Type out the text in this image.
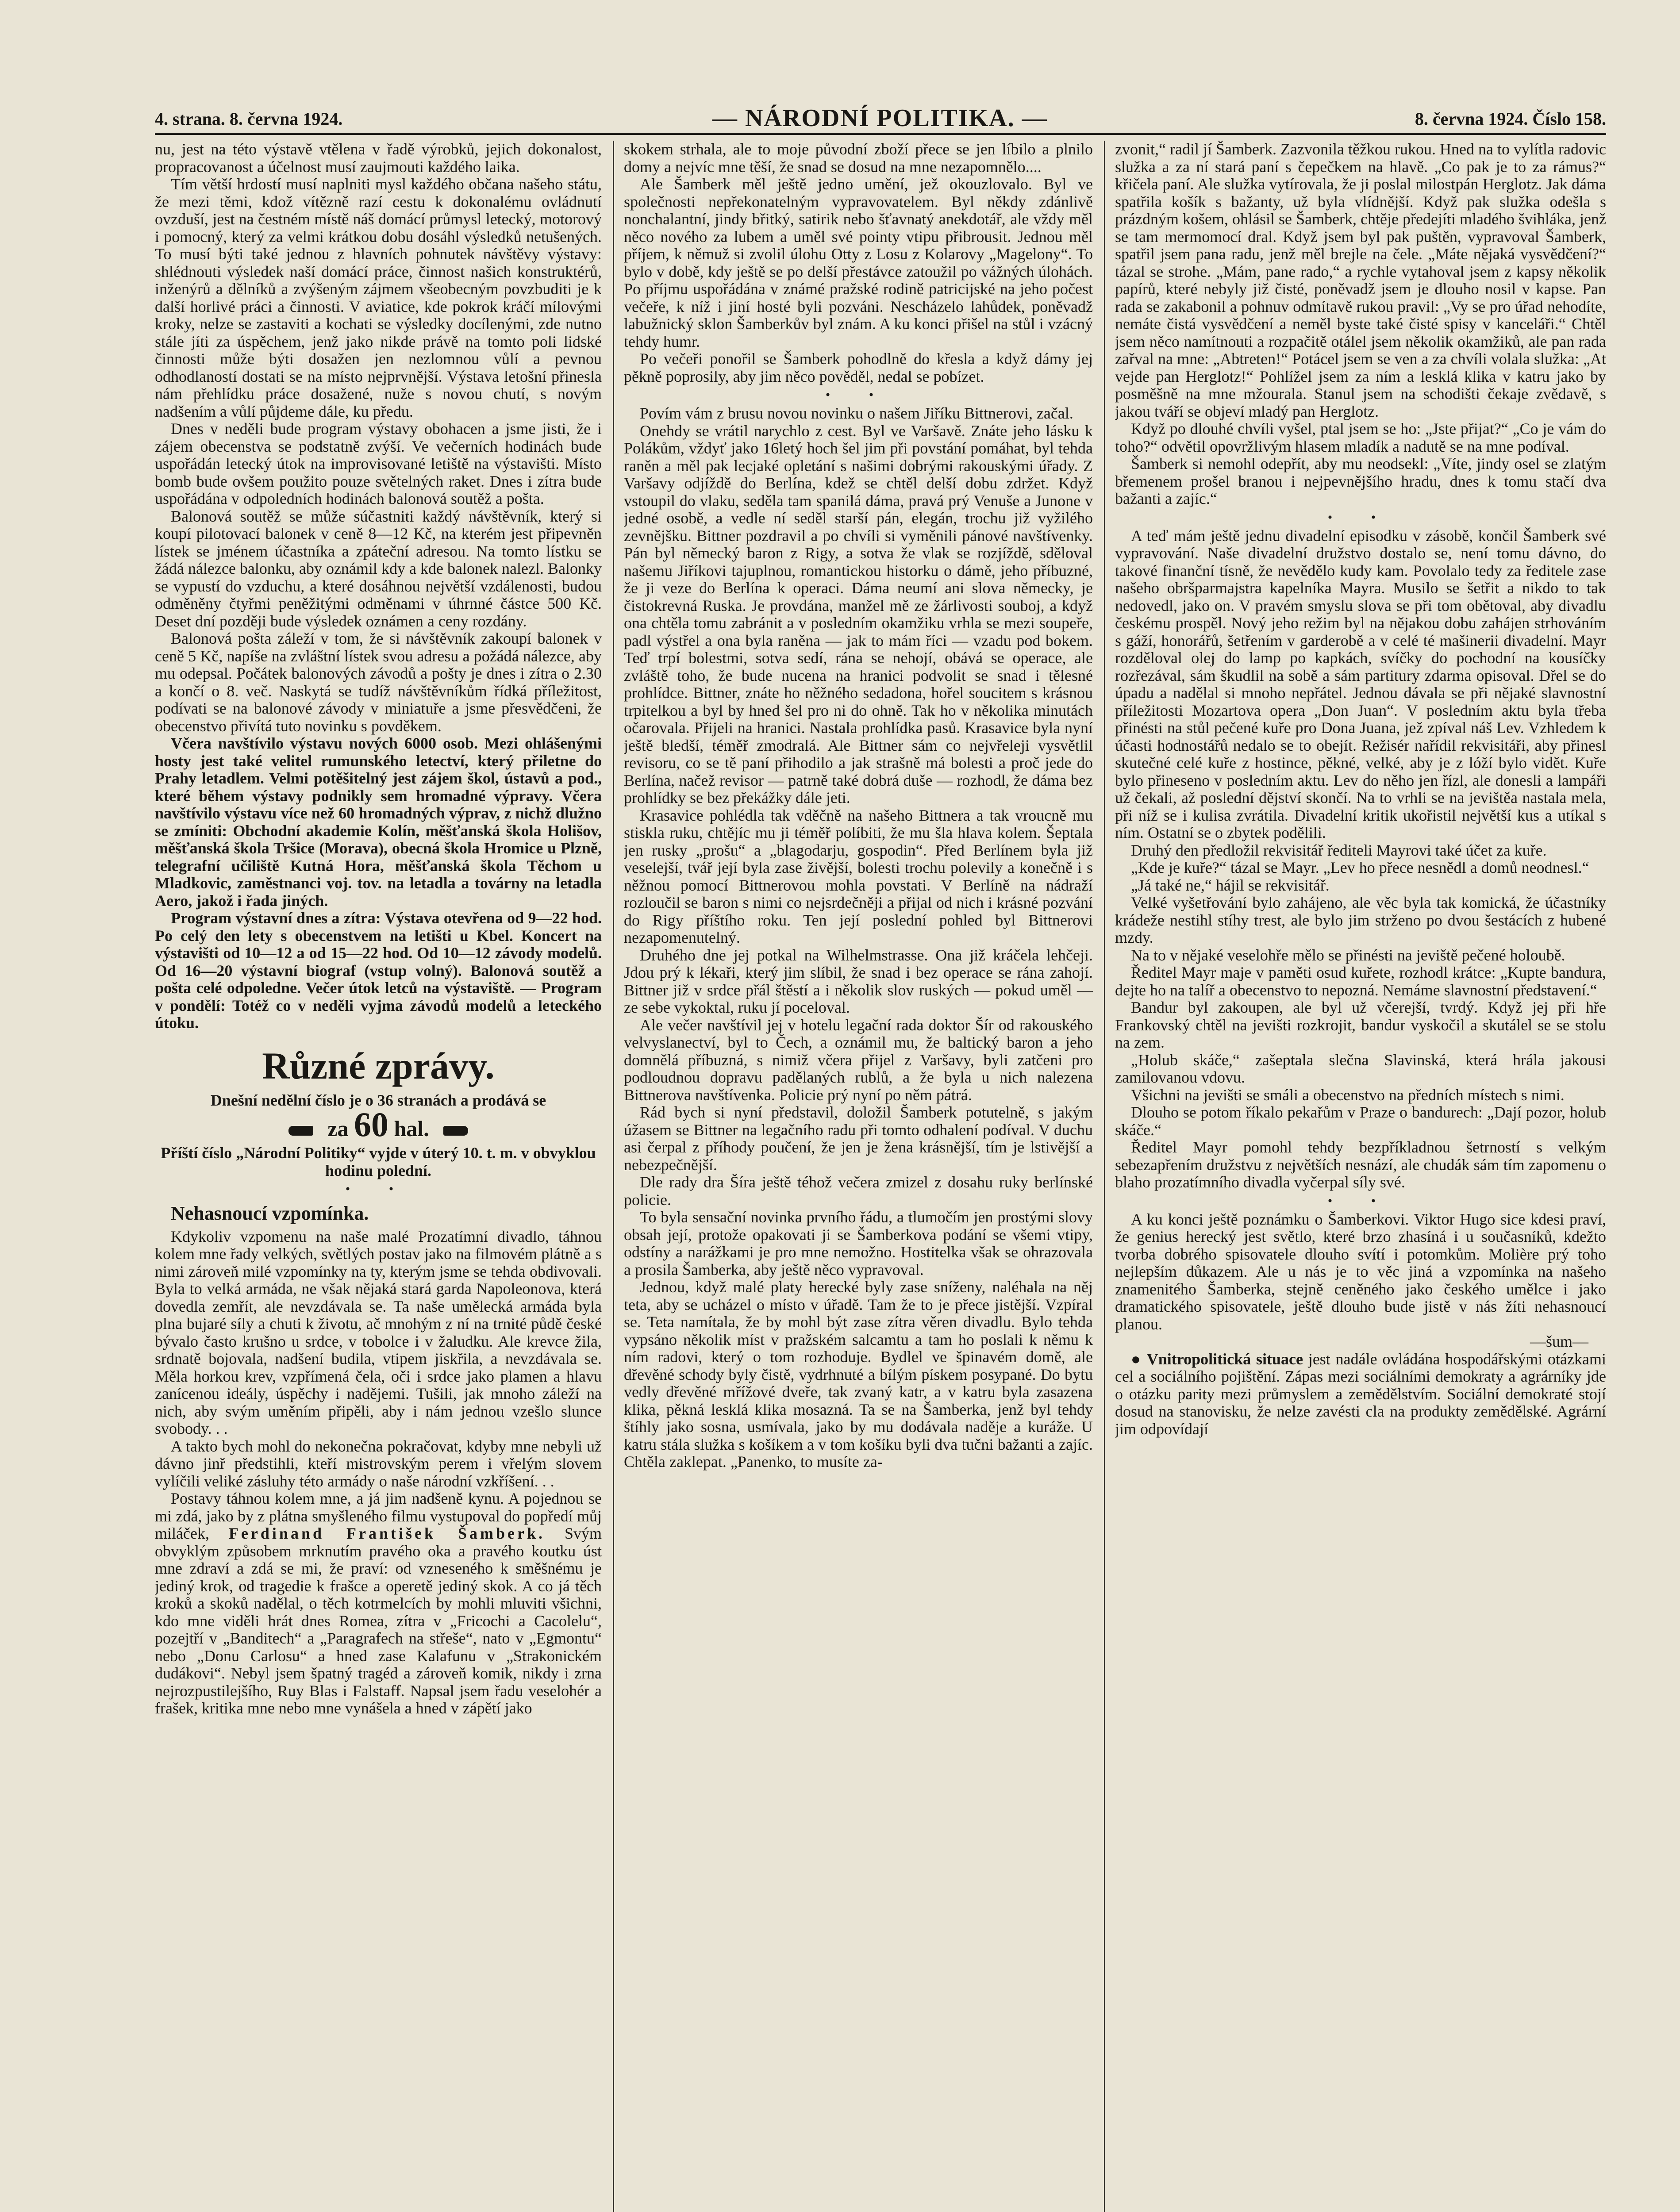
4. strana. 8. června 1924.	— NÁRODNÍ POLITIKA. —	8. června 1924. Číslo 158.

nu, jest na této výstavě vtělena v řadě výrobků, jejich dokonalost, propracovanost a účelnost musí zaujmouti každého laika.

Tím větší hrdostí musí naplniti mysl každého občana našeho státu, že mezi těmi, kdož vítězně razí cestu k dokonalému ovládnutí ovzduší, jest na čestném místě náš domácí průmysl letecký, motorový i pomocný, který za velmi krátkou dobu dosáhl výsledků netušených. To musí býti také jednou z hlavních pohnutek návštěvy výstavy: shlédnouti výsledek naší domácí práce, činnost našich konstruktérů, inženýrů a dělníků a zvýšeným zájmem všeobecným povzbuditi je k další horlivé práci a činnosti. V aviatice, kde pokrok kráčí mílovými kroky, nelze se zastaviti a kochati se výsledky docílenými, zde nutno stále jíti za úspěchem, jenž jako nikde právě na tomto poli lidské činnosti může býti dosažen jen nezlomnou vůlí a pevnou odhodlaností dostati se na místo nejprvnější. Výstava letošní přinesla nám přehlídku práce dosažené, nuže s novou chutí, s novým nadšením a vůlí půjdeme dále, ku předu.

Dnes v neděli bude program výstavy obohacen a jsme jisti, že i zájem obecenstva se podstatně zvýší. Ve večerních hodinách bude uspořádán letecký útok na improvisované letiště na výstavišti. Místo bomb bude ovšem použito pouze světelných raket. Dnes i zítra bude uspořádána v odpoledních hodinách balonová soutěž a pošta.

Balonová soutěž se může súčastniti každý návštěvník, který si koupí pilotovací balonek v ceně 8—12 Kč, na kterém jest připevněn lístek se jménem účastníka a zpáteční adresou. Na tomto lístku se žádá nálezce balonku, aby oznámil kdy a kde balonek nalezl. Balonky se vypustí do vzduchu, a které dosáhnou největší vzdálenosti, budou odměněny čtyřmi peněžitými odměnami v úhrnné částce 500 Kč. Deset dní později bude výsledek oznámen a ceny rozdány.

Balonová pošta záleží v tom, že si návštěvník zakoupí balonek v ceně 5 Kč, napíše na zvláštní lístek svou adresu a požádá nálezce, aby mu odepsal. Počátek balonových závodů a pošty je dnes i zítra o 2.30 a končí o 8. več. Naskytá se tudíž návštěvníkům řídká příležitost, podívati se na balonové závody v miniatuře a jsme přesvědčeni, že obecenstvo přivítá tuto novinku s povděkem.

Včera navštívilo výstavu nových 6000 osob. Mezi ohlášenými hosty jest také velitel rumunského letectví, který přiletne do Prahy letadlem. Velmi potěšitelný jest zájem škol, ústavů a pod., které během výstavy podnikly sem hromadné výpravy. Včera navštívilo výstavu více než 60 hromadných výprav, z nichž dlužno se zmíniti: Obchodní akademie Kolín, měšťanská škola Holišov, měšťanská škola Tršice (Morava), obecná škola Hromice u Plzně, telegrafní učiliště Kutná Hora, měšťanská škola Těchom u Mladkovic, zaměstnanci voj. tov. na letadla a továrny na letadla Aero, jakož i řada jiných.

Program výstavní dnes a zítra: Výstava otevřena od 9—22 hod. Po celý den lety s obecenstvem na letišti u Kbel. Koncert na výstavišti od 10—12 a od 15—22 hod. Od 10—12 závody modelů. Od 16—20 výstavní biograf (vstup volný). Balonová soutěž a pošta celé odpoledne. Večer útok letců na výstaviště. — Program v pondělí: Totéž co v neděli vyjma závodů modelů a leteckého útoku.

Různé zprávy.
Dnešní nedělní číslo je o 36 stranách a prodává se
za 60 hal.
Příští číslo „Národní Politiky“ vyjde v úterý 10. t. m. v obvyklou hodinu polední.
• •
Nehasnoucí vzpomínka.

Kdykoliv vzpomenu na naše malé Prozatímní divadlo, táhnou kolem mne řady velkých, světlých postav jako na filmovém plátně a s nimi zároveň milé vzpomínky na ty, kterým jsme se tehda obdivovali. Byla to velká armáda, ne však nějaká stará garda Napoleonova, která dovedla zemřít, ale nevzdávala se. Ta naše umělecká armáda byla plna bujaré síly a chuti k životu, ač mnohým z ní na trnité půdě české bývalo často krušno u srdce, v tobolce i v žaludku. Ale krevce žila, srdnatě bojovala, nadšení budila, vtipem jiskřila, a nevzdávala se. Měla horkou krev, vzpřímená čela, oči i srdce jako plamen a hlavu zanícenou ideály, úspěchy i nadějemi. Tušili, jak mnoho záleží na nich, aby svým uměním připěli, aby i nám jednou vzešlo slunce svobody. . .

A takto bych mohl do nekonečna pokračovat, kdyby mne nebyli už dávno jinř předstihli, kteří mistrovským perem i vřelým slovem vylíčili veliké zásluhy této armády o naše národní vzkříšení. . .

Postavy táhnou kolem mne, a já jim nadšeně kynu. A pojednou se mi zdá, jako by z plátna smyšleného filmu vystupoval do popředí můj miláček, Ferdinand František Šamberk. Svým obvyklým způsobem mrknutím pravého oka a pravého koutku úst mne zdraví a zdá se mi, že praví: od vzneseného k směšnému je jediný krok, od tragedie k frašce a operetě jediný skok. A co já těch kroků a skoků nadělal, o těch kotrmelcích by mohli mluviti všichni, kdo mne viděli hrát dnes Romea, zítra v „Fricochi a Cacolelu“, pozejtří v „Banditech“ a „Paragrafech na střeše“, nato v „Egmontu“ nebo „Donu Carlosu“ a hned zase Kalafunu v „Strakonickém dudákovi“. Nebyl jsem špatný tragéd a zároveň komik, nikdy i zrna nejrozpustilejšího, Ruy Blas i Falstaff. Napsal jsem řadu veselohér a frašek, kritika mne nebo mne vynášela a hned v zápětí jako

skokem strhala, ale to moje původní zboží přece se jen líbilo a plnilo domy a nejvíc mne těší, že snad se dosud na mne nezapomnělo....

Ale Šamberk měl ještě jedno umění, jež okouzlovalo. Byl ve společnosti nepřekonatelným vypravovatelem. Byl někdy zdánlivě nonchalantní, jindy břitký, satirik nebo šťavnatý anekdotář, ale vždy měl něco nového za lubem a uměl své pointy vtipu přibrousit. Jednou měl příjem, k němuž si zvolil úlohu Otty z Losu z Kolarovy „Magelony“. To bylo v době, kdy ještě se po delší přestávce zatoužil po vážných úlohách. Po příjmu uspořádána v známé pražské rodině patricijské na jeho počest večeře, k níž i jiní hosté byli pozváni. Nescházelo lahůdek, poněvadž labužnický sklon Šamberkův byl znám. A ku konci přišel na stůl i vzácný tehdy humr.

Po večeři ponořil se Šamberk pohodlně do křesla a když dámy jej pěkně poprosily, aby jim něco pověděl, nedal se pobízet.

• •

Povím vám z brusu novou novinku o našem Jiříku Bittnerovi, začal.

Onehdy se vrátil narychlo z cest. Byl ve Varšavě. Znáte jeho lásku k Polákům, vždyť jako 16letý hoch šel jim při povstání pomáhat, byl tehda raněn a měl pak lecjaké opletání s našimi dobrými rakouskými úřady. Z Varšavy odjíždě do Berlína, kdež se chtěl delší dobu zdržet. Když vstoupil do vlaku, seděla tam spanilá dáma, pravá prý Venuše a Junone v jedné osobě, a vedle ní seděl starší pán, elegán, trochu již vyžilého zevnějšku. Bittner pozdravil a po chvíli si vyměnili pánové navštívenky. Pán byl německý baron z Rigy, a sotva že vlak se rozjíždě, sděloval našemu Jiříkovi tajuplnou, romantickou historku o dámě, jeho příbuzné, že ji veze do Berlína k operaci. Dáma neumí ani slova německy, je čistokrevná Ruska. Je provdána, manžel mě ze žárlivosti souboj, a když ona chtěla tomu zabránit a v posledním okamžiku vrhla se mezi soupeře, padl výstřel a ona byla raněna — jak to mám říci — vzadu pod bokem. Teď trpí bolestmi, sotva sedí, rána se nehojí, obává se operace, ale zvláště toho, že bude nucena na hranici podvolit se snad i tělesné prohlídce. Bittner, znáte ho něžného sedadona, hořel soucitem s krásnou trpitelkou a byl by hned šel pro ni do ohně. Tak ho v několika minutách očarovala. Přijeli na hranici. Nastala prohlídka pasů. Krasavice byla nyní ještě bledší, téměř zmodralá. Ale Bittner sám co nejvřeleji vysvětlil revisoru, co se tě paní přihodilo a jak strašně má bolesti a proč jede do Berlína, načež revisor — patrně také dobrá duše — rozhodl, že dáma bez prohlídky se bez překážky dále jeti.

Krasavice pohlédla tak vděčně na našeho Bittnera a tak vroucně mu stiskla ruku, chtějíc mu ji téměř políbiti, že mu šla hlava kolem. Šeptala jen rusky „prošu“ a „blagodarju, gospodin“. Před Berlínem byla již veselejší, tvář její byla zase živější, bolesti trochu polevily a konečně i s něžnou pomocí Bittnerovou mohla povstati. V Berlíně na nádraží rozloučil se baron s nimi co nejsrdečněji a přijal od nich i krásné pozvání do Rigy příštího roku. Ten její poslední pohled byl Bittnerovi nezapomenutelný.

Druhého dne jej potkal na Wilhelmstrasse. Ona již kráčela lehčeji. Jdou prý k lékaři, který jim slíbil, že snad i bez operace se rána zahojí. Bittner již v srdce přál štěstí a i několik slov ruských — pokud uměl — ze sebe vykoktal, ruku jí poceloval.

Ale večer navštívil jej v hotelu legační rada doktor Šír od rakouského velvyslanectví, byl to Čech, a oznámil mu, že baltický baron a jeho domnělá příbuzná, s nimiž včera přijel z Varšavy, byli zatčeni pro podloudnou dopravu padělaných rublů, a že byla u nich nalezena Bittnerova navštívenka. Policie prý nyní po něm pátrá.

Rád bych si nyní představil, doložil Šamberk potutelně, s jakým úžasem se Bittner na legačního radu při tomto odhalení podíval. V duchu asi čerpal z příhody poučení, že jen je žena krásnější, tím je lstivější a nebezpečnější.

Dle rady dra Šíra ještě téhož večera zmizel z dosahu ruky berlínské policie.

To byla sensační novinka prvního řádu, a tlumočím jen prostými slovy obsah její, protože opakovati ji se Šamberkova podání se všemi vtipy, odstíny a narážkami je pro mne nemožno. Hostitelka však se ohrazovala a prosila Šamberka, aby ještě něco vypravoval.

Jednou, když malé platy herecké byly zase sníženy, naléhala na něj teta, aby se ucházel o místo v úřadě. Tam že to je přece jistější. Vzpíral se. Teta namítala, že by mohl být zase zítra věren divadlu. Bylo tehda vypsáno několik míst v pražském salcamtu a tam ho poslali k němu k ním radovi, který o tom rozhoduje. Bydlel ve špinavém domě, ale dřevěné schody byly čistě, vydrhnuté a bílým pískem posypané. Do bytu vedly dřevěné mřížové dveře, tak zvaný katr, a v katru byla zasazena klika, pěkná lesklá klika mosazná. Ta se na Šamberka, jenž byl tehdy štíhly jako sosna, usmívala, jako by mu dodávala naděje a kuráže. U katru stála služka s košíkem a v tom košíku byli dva tučni bažanti a zajíc. Chtěla zaklepat. „Panenko, to musíte za-

zvonit,“ radil jí Šamberk. Zazvonila těžkou rukou. Hned na to vylítla radovic služka a za ní stará paní s čepečkem na hlavě. „Co pak je to za rámus?“ křičela paní. Ale služka vytírovala, že ji poslal milostpán Herglotz. Jak dáma spatřila košík s bažanty, už byla vlídnější. Když pak služka odešla s prázdným košem, ohlásil se Šamberk, chtěje předejíti mladého švihláka, jenž se tam mermomocí dral. Když jsem byl pak puštěn, vypravoval Šamberk, spatřil jsem pana radu, jenž měl brejle na čele. „Máte nějaká vysvědčení?“ tázal se strohe. „Mám, pane rado,“ a rychle vytahoval jsem z kapsy několik papírů, které nebyly již čisté, poněvadž jsem je dlouho nosil v kapse. Pan rada se zakabonil a pohnuv odmítavě rukou pravil: „Vy se pro úřad nehodíte, nemáte čistá vysvědčení a neměl byste také čisté spisy v kanceláři.“ Chtěl jsem něco namítnouti a rozpačitě otálel jsem několik okamžiků, ale pan rada zařval na mne: „Abtreten!“ Potácel jsem se ven a za chvíli volala služka: „At vejde pan Herglotz!“ Pohlížel jsem za ním a lesklá klika v katru jako by posměšně na mne mžourala. Stanul jsem na schodišti čekaje zvědavě, s jakou tváří se objeví mladý pan Herglotz.

Když po dlouhé chvíli vyšel, ptal jsem se ho: „Jste přijat?“ „Co je vám do toho?“ odvětil opovržlivým hlasem mladík a nadutě se na mne podíval.

Šamberk si nemohl odepřít, aby mu neodsekl: „Víte, jindy osel se zlatým břemenem prošel branou i nejpevnějšího hradu, dnes k tomu stačí dva bažanti a zajíc.“

• •

A teď mám ještě jednu divadelní episodku v zásobě, končil Šamberk své vypravování. Naše divadelní družstvo dostalo se, není tomu dávno, do takové finanční tísně, že nevědělo kudy kam. Povolalo tedy za ředitele zase našeho obršparmajstra kapelníka Mayra. Musilo se šetřit a nikdo to tak nedovedl, jako on. V pravém smyslu slova se při tom obětoval, aby divadlu českému prospěl. Nový jeho režim byl na nějakou dobu zahájen strhováním s gáží, honorářů, šetřením v garderobě a v celé té mašinerii divadelní. Mayr rozděloval olej do lamp po kapkách, svíčky do pochodní na kousíčky rozřezával, sám škudlil na sobě a sám partitury zdarma opisoval. Dřel se do úpadu a nadělal si mnoho nepřátel. Jednou dávala se při nějaké slavnostní příležitosti Mozartova opera „Don Juan“. V posledním aktu byla třeba přinésti na stůl pečené kuře pro Dona Juana, jež zpíval náš Lev. Vzhledem k účasti hodnostářů nedalo se to obejít. Režisér nařídil rekvisitáři, aby přinesl skutečné celé kuře z hostince, pěkné, velké, aby je z lóží bylo vidět. Kuře bylo přineseno v posledním aktu. Lev do něho jen řízl, ale donesli a lampáři už čekali, až poslední dějství skončí. Na to vrhli se na jevištěa nastala mela, při níž se i kulisa zvrátila. Divadelní kritik ukořistil největší kus a utíkal s ním. Ostatní se o zbytek podělili.

Druhý den předložil rekvisitář řediteli Mayrovi také účet za kuře.

„Kde je kuře?“ tázal se Mayr. „Lev ho přece nesnědl a domů neodnesl.“

„Já také ne,“ hájil se rekvisitář.

Velké vyšetřování bylo zahájeno, ale věc byla tak komická, že účastníky krádeže nestihl stíhy trest, ale bylo jim strženo po dvou šestácích z hubené mzdy.

Na to v nějaké veselohře mělo se přinésti na jeviště pečené holoubě.

Ředitel Mayr maje v paměti osud kuřete, rozhodl krátce: „Kupte bandura, dejte ho na talíř a obecenstvo to nepozná. Nemáme slavnostní představení.“

Bandur byl zakoupen, ale byl už včerejší, tvrdý. Když jej při hře Frankovský chtěl na jevišti rozkrojit, bandur vyskočil a skutálel se se stolu na zem.

„Holub skáče,“ zašeptala slečna Slavinská, která hrála jakousi zamilovanou vdovu.

Všichni na jevišti se smáli a obecenstvo na předních místech s nimi.

Dlouho se potom říkalo pekařům v Praze o bandurech: „Dají pozor, holub skáče.“

Ředitel Mayr pomohl tehdy bezpříkladnou šetrností s velkým sebezapřením družstvu z největších nesnází, ale chudák sám tím zapomenu o blaho prozatímního divadla vyčerpal síly své.

• •

A ku konci ještě poznámku o Šamberkovi. Viktor Hugo sice kdesi praví, že genius herecký jest světlo, které brzo zhasíná i u současníků, kdežto tvorba dobrého spisovatele dlouho svítí i potomkům. Molière prý toho nejlepším důkazem. Ale u nás je to věc jiná a vzpomínka na našeho znamenitého Šamberka, stejně ceněného jako českého umělce i jako dramatického spisovatele, ještě dlouho bude jistě v nás žíti nehasnoucí planou.

—šum—

● Vnitropolitická situace jest nadále ovládána hospodářskými otázkami cel a sociálního pojištění. Zápas mezi sociálními demokraty a agrárníky jde o otázku parity mezi průmyslem a zemědělstvím. Sociální demokraté stojí dosud na stanovisku, že nelze zavésti cla na produkty zemědělské. Agrární jim odpovídají
